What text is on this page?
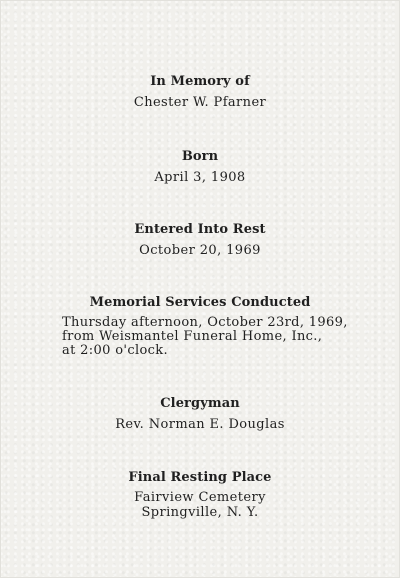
In Memory of

Chester W. Pfarner

Born

April 3, 1908

Entered Into Rest

October 20, 1969

Memorial Services Conducted

Thursday afternoon, October 23rd, 1969,
from Weismantel Funeral Home, Inc.,
at 2:00 o'clock.

Clergyman

Rev. Norman E. Douglas

Final Resting Place

Fairview Cemetery

Springville, N. Y.
